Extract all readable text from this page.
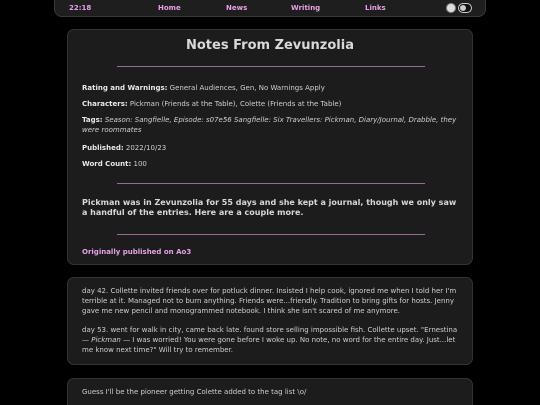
22:18	Home	News	Writing	Links
Notes From Zevunzolia
Rating and Warnings: General Audiences, Gen, No Warnings Apply
Characters: Pickman (Friends at the Table), Colette (Friends at the Table)
Tags: Season: Sangfielle, Episode: s07e56 Sangfielle: Six Travellers: Pickman, Diary/Journal, Drabble, they were roommates
Published: 2022/10/23
Word Count: 100
Pickman was in Zevunzolia for 55 days and she kept a journal, though we only saw a handful of the entries. Here are a couple more.
Originally published on Ao3
day 42. Collette invited friends over for potluck dinner. Insisted I help cook, ignored me when I told her I'm terrible at it. Managed not to burn anything. Friends were...friendly. Tradition to bring gifts for hosts. Jenny gave me new pencil and monogrammed notebook. I think she isn't scared of me anymore.
day 53. went for walk in city, came back late. found store selling impossible fish. Collette upset. "Ernestina — Pickman — I was worried! You were gone before I woke up. No note, no word for the entire day. Just...let me know next time?" Will try to remember.
Guess I'll be the pioneer getting Colette added to the tag list \o/
